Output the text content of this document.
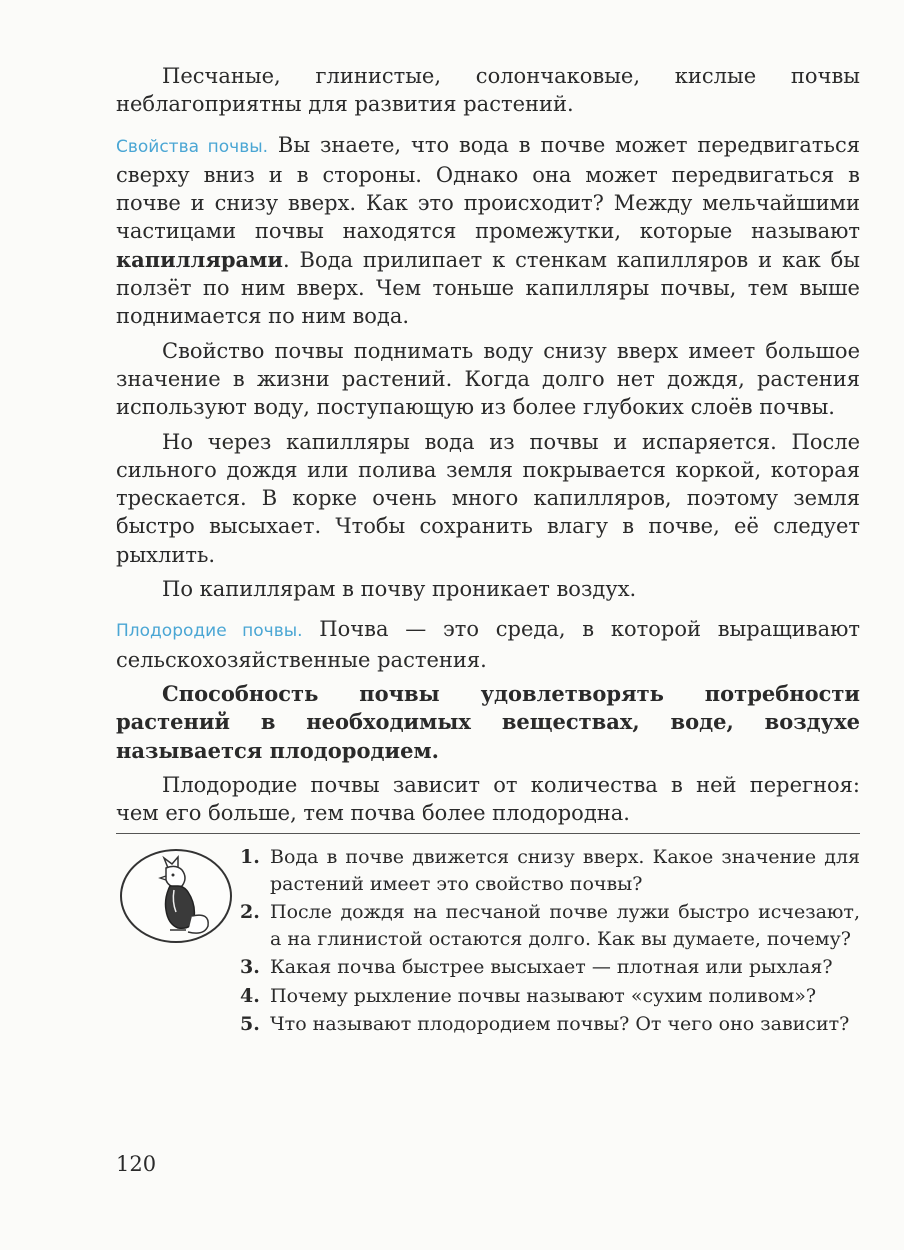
Песчаные, глинистые, солончаковые, кислые почвы неблагоприятны для развития растений.

Свойства почвы. Вы знаете, что вода в почве может передвигаться сверху вниз и в стороны. Однако она может передвигаться в почве и снизу вверх. Как это происходит? Между мельчайшими частицами почвы находятся промежутки, которые называют капиллярами. Вода прилипает к стенкам капилляров и как бы ползёт по ним вверх. Чем тоньше капилляры почвы, тем выше поднимается по ним вода.

Свойство почвы поднимать воду снизу вверх имеет большое значение в жизни растений. Когда долго нет дождя, растения используют воду, поступающую из более глубоких слоёв почвы.

Но через капилляры вода из почвы и испаряется. После сильного дождя или полива земля покрывается коркой, которая трескается. В корке очень много капилляров, поэтому земля быстро высыхает. Чтобы сохранить влагу в почве, её следует рыхлить.

По капиллярам в почву проникает воздух.

Плодородие почвы. Почва — это среда, в которой выращивают сельскохозяйственные растения.

Способность почвы удовлетворять потребности растений в необходимых веществах, воде, воздухе называется плодородием.

Плодородие почвы зависит от количества в ней перегноя: чем его больше, тем почва более плодородна.

1. Вода в почве движется снизу вверх. Какое значение для растений имеет это свойство почвы?
2. После дождя на песчаной почве лужи быстро исчезают, а на глинистой остаются долго. Как вы думаете, почему?
3. Какая почва быстрее высыхает — плотная или рыхлая?
4. Почему рыхление почвы называют «сухим поливом»?
5. Что называют плодородием почвы? От чего оно зависит?
120
